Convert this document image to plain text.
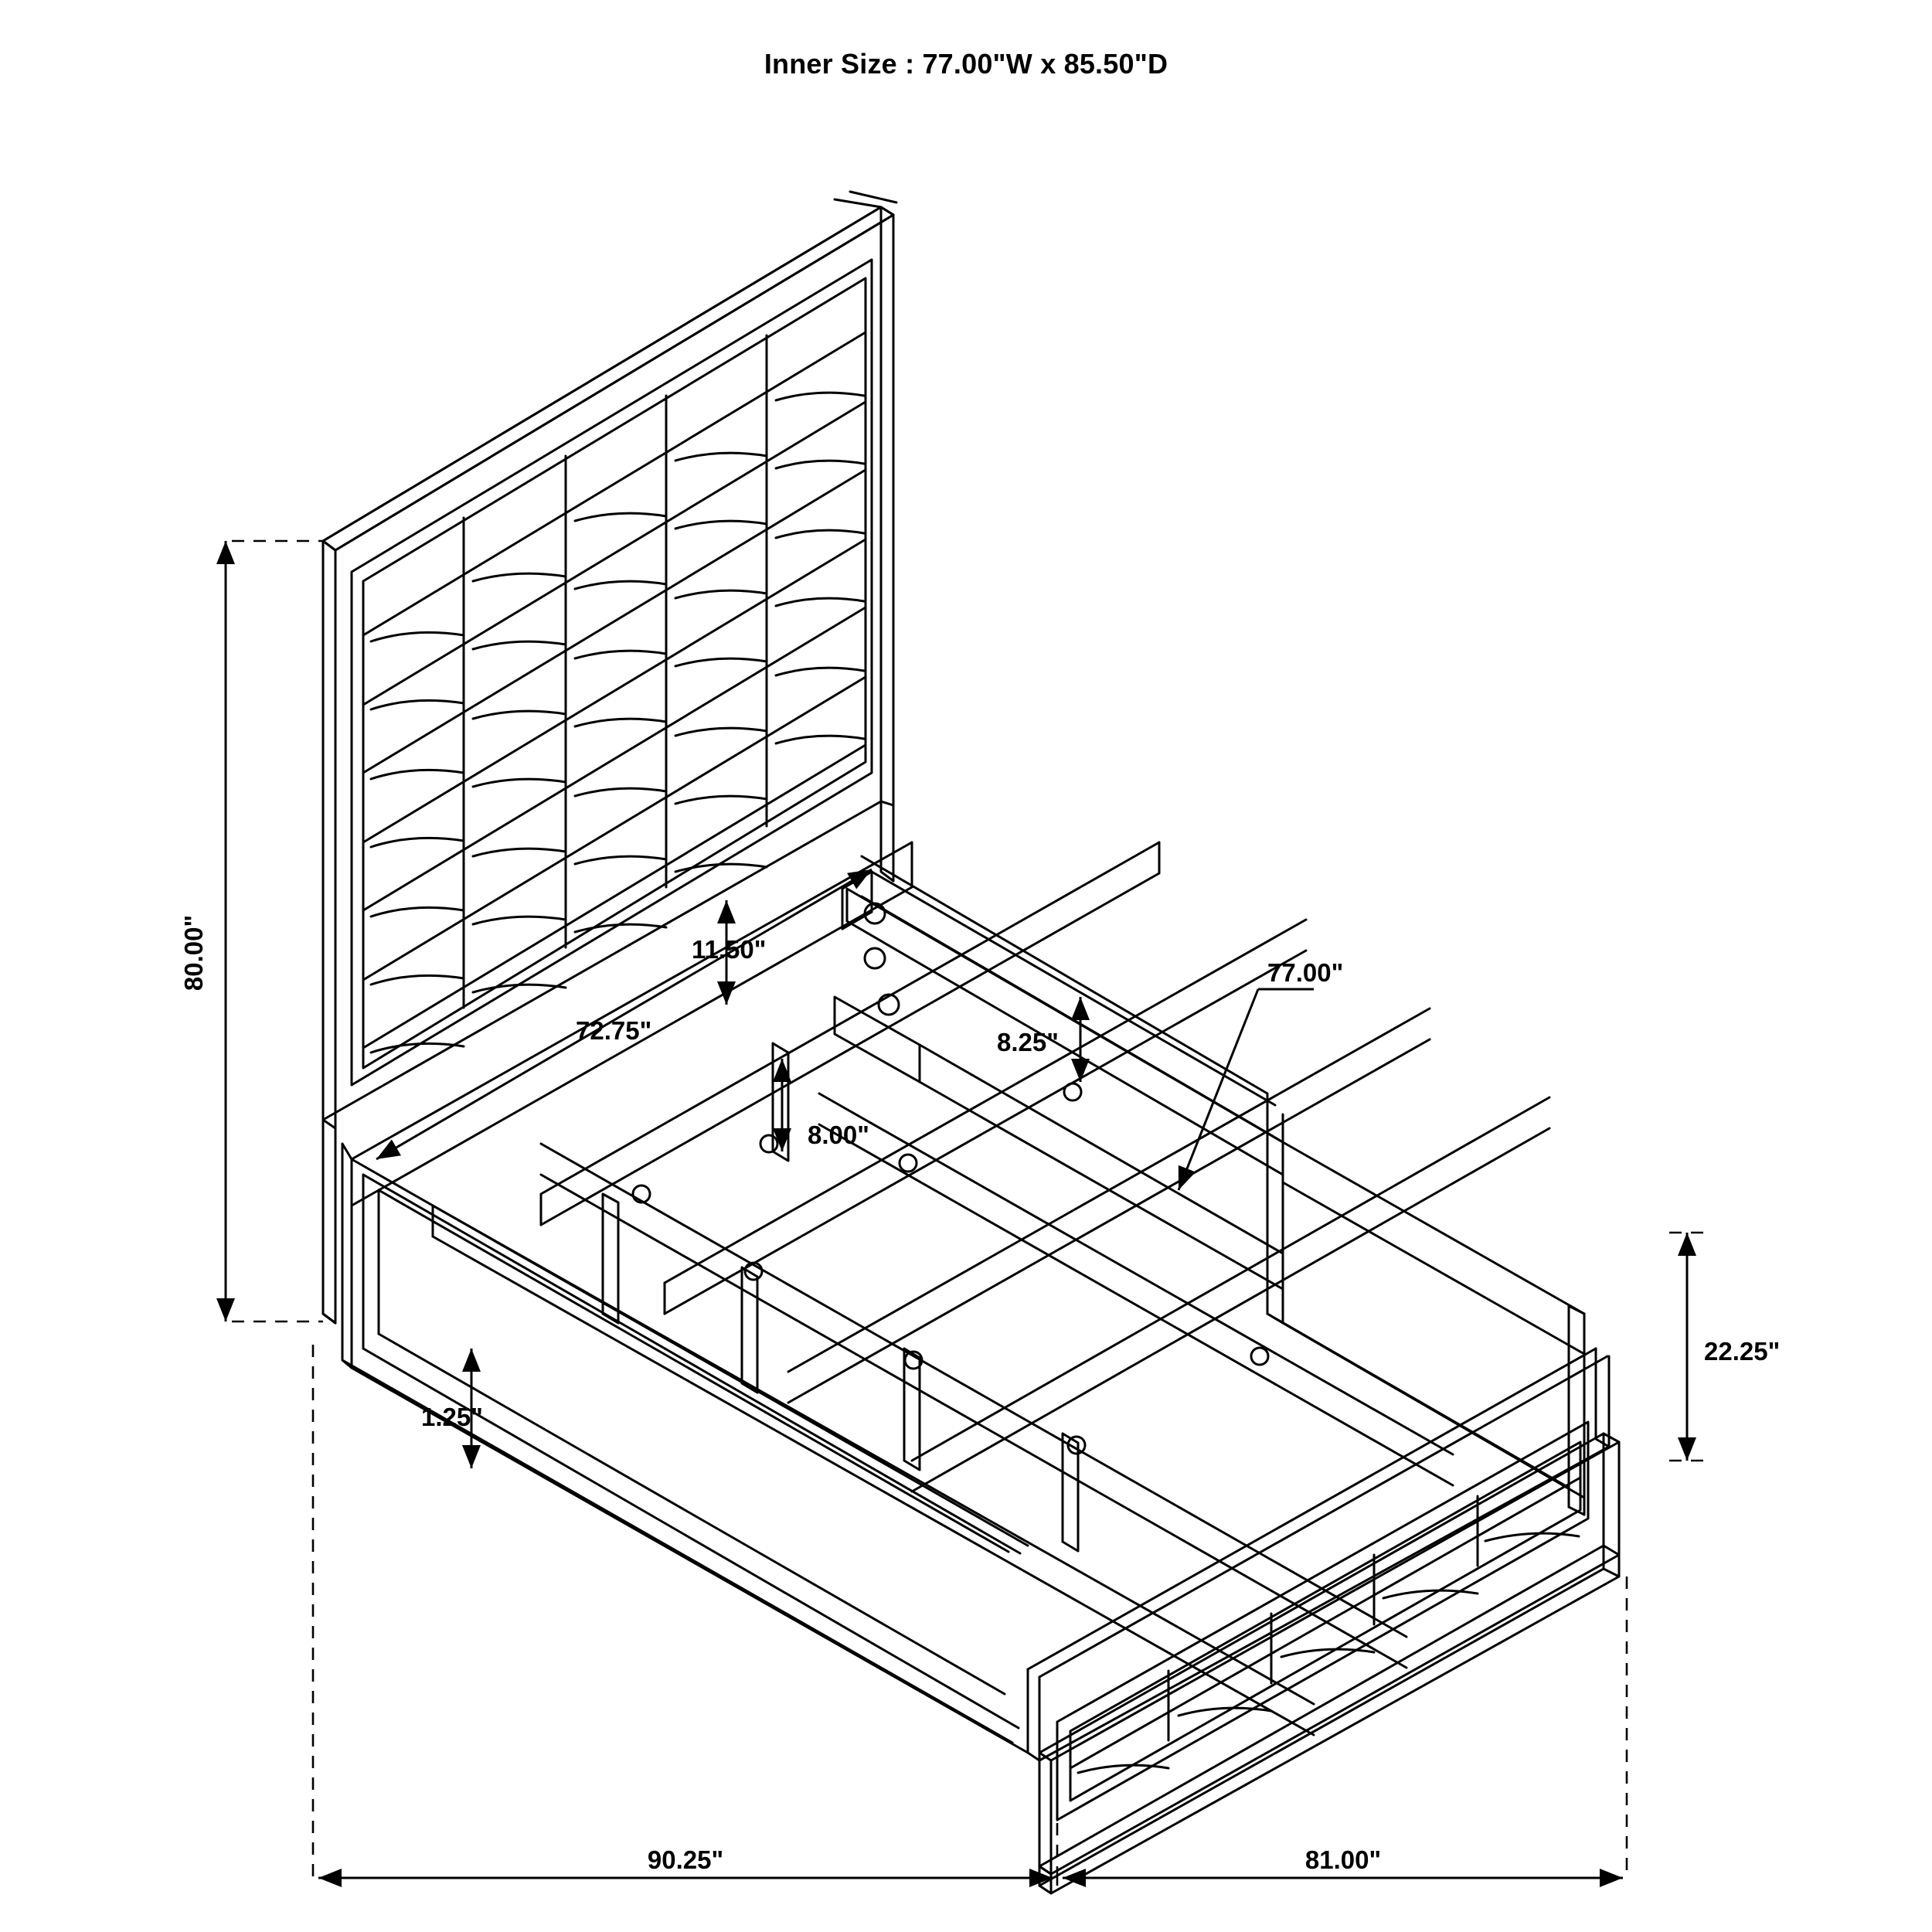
Inner Size : 77.00"W x 85.50"D
80.00"
72.75"
11.50"
8.00"
8.25"
77.00"
22.25"
1.25"
90.25"	81.00"
